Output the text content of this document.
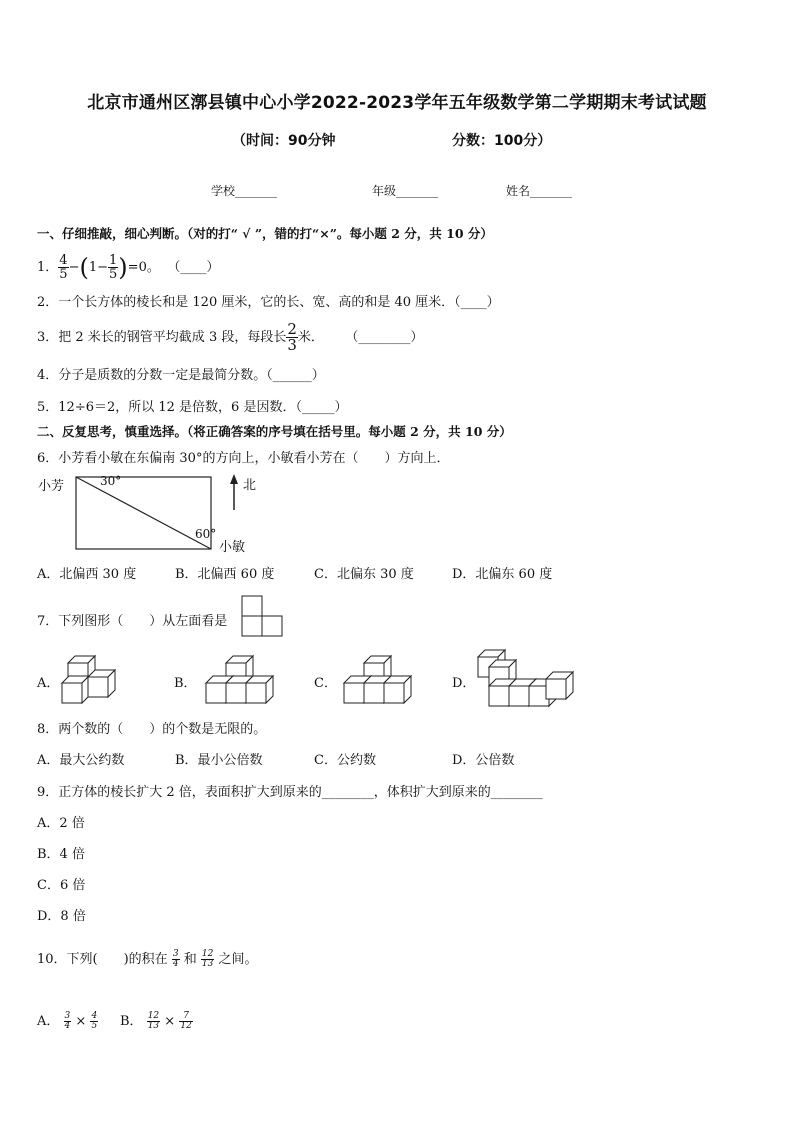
北京市通州区漷县镇中心小学2022-2023学年五年级数学第二学期期末考试试题
（时间：90分钟	分数：100分）
学校_______	年级_______	姓名_______
一、仔细推敲，细心判断。（对的打“ √ ”，错的打“×”。每小题 2 分，共 10 分）
1． $\frac{4}{5} -(1- \frac{1}{5} )=0$。 （____）
2．一个长方体的棱长和是 120 厘米，它的长、宽、高的和是 40 厘米．（____）
3．把 2 米长的钢管平均截成 3 段，每段长 $\frac{2}{3}$ 米． （________）
4．分子是质数的分数一定是最简分数。（______）
5．12÷6＝2，所以 12 是倍数，6 是因数．（_____）
二、反复思考，慎重选择。（将正确答案的序号填在括号里。每小题 2 分，共 10 分）
6．小芳看小敏在东偏南 30°的方向上，小敏看小芳在（　　）方向上．
小芳	30°
60°
小敏
北
A．北偏西 30 度	B．北偏西 60 度	C．北偏东 30 度	D．北偏东 60 度
7．下列图形（　　）从左面看是
A．	B．	C．	D．
8．两个数的（　　）的个数是无限的。
A．最大公约数	B．最小公倍数	C．公约数	D．公倍数
9．正方体的棱长扩大 2 倍，表面积扩大到原来的________，体积扩大到原来的________
A．2 倍
B．4 倍
C．6 倍
D．8 倍
10．下列(　　)的积在 $\frac{3}{4}$ 和 $\frac{12}{13}$ 之间。
A． $\frac{3}{4} \times \frac{4}{5}$ B． $\frac{12}{13} \times \frac{7}{12}$
